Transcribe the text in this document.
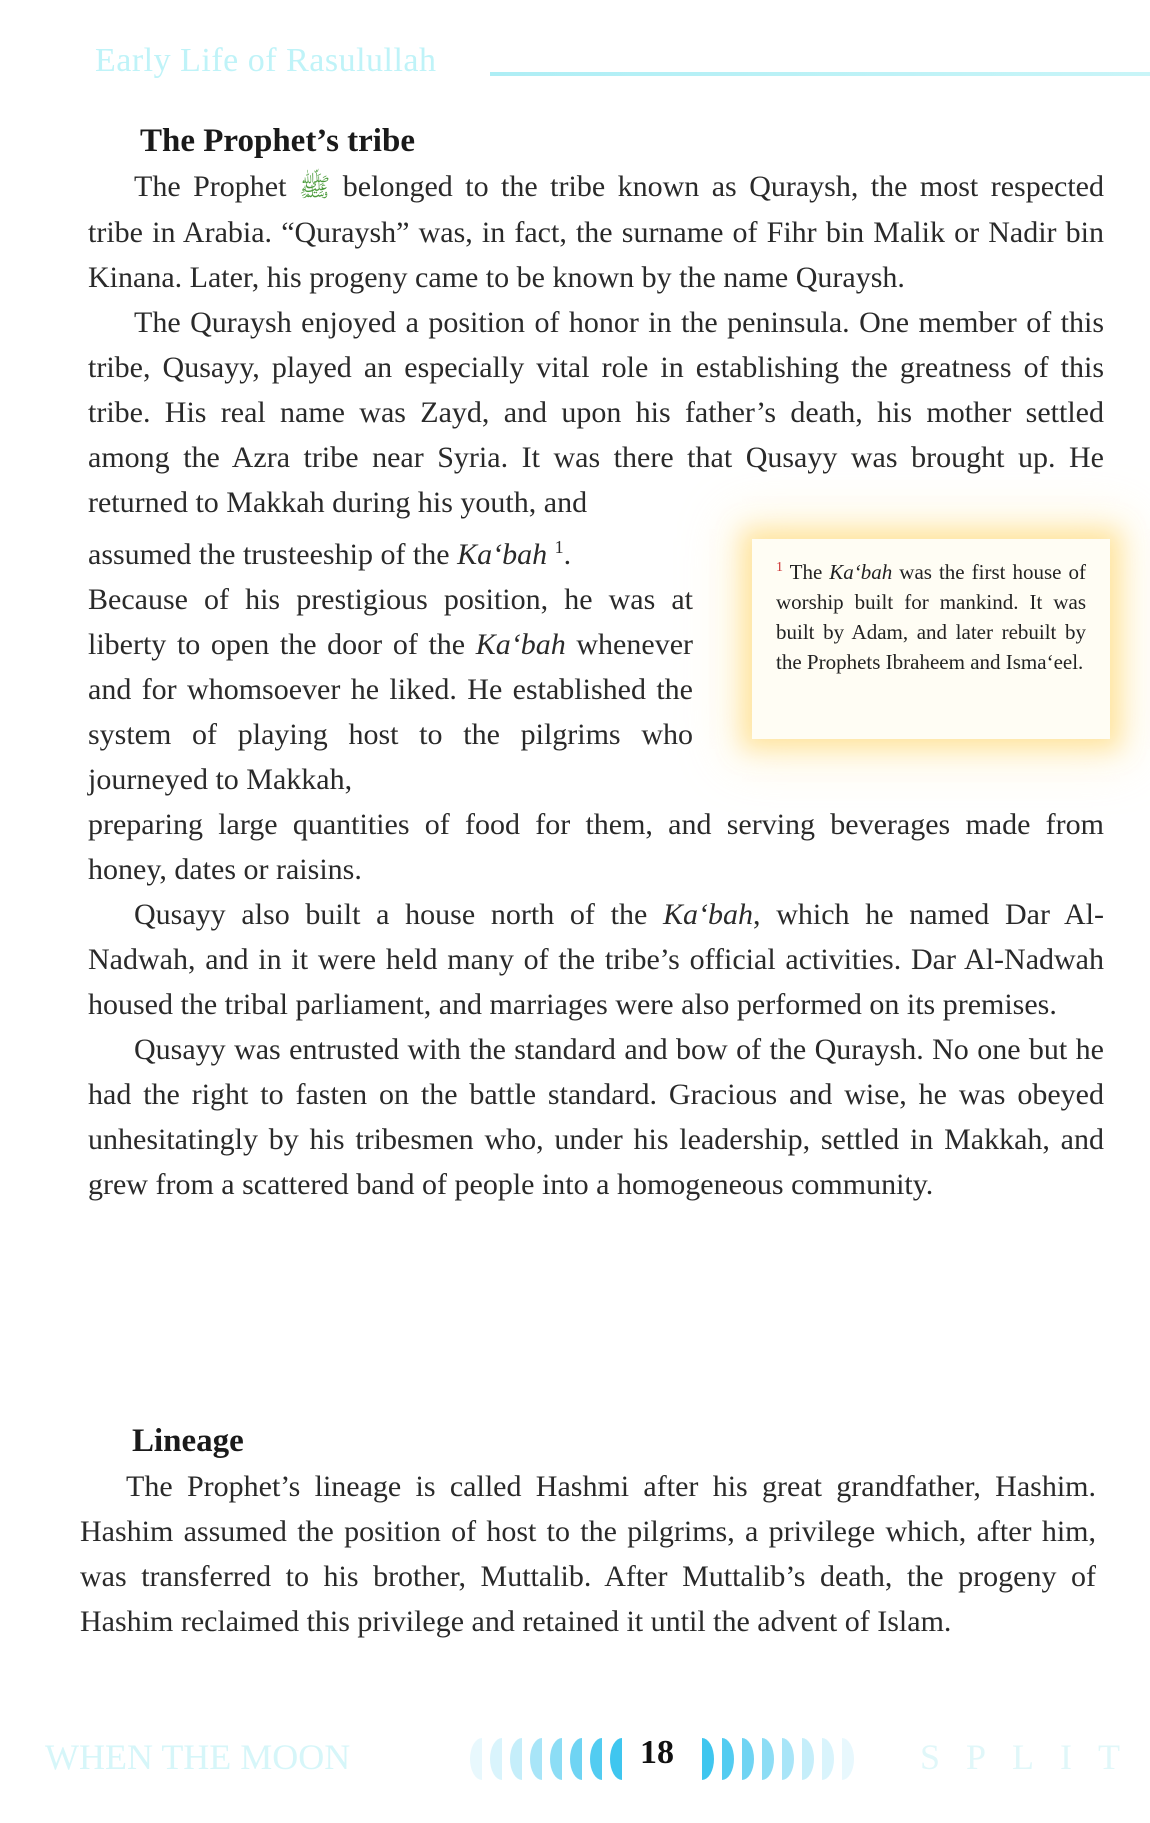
Early Life of Rasulullah
The Prophet’s tribe

The Prophet ﷺ belonged to the tribe known as Quraysh, the most respected tribe in Arabia. “Quraysh” was, in fact, the surname of Fihr bin Malik or Nadir bin Kinana. Later, his progeny came to be known by the name Quraysh.

The Quraysh enjoyed a position of honor in the peninsula. One member of this tribe, Qusayy, played an especially vital role in establishing the greatness of this tribe. His real name was Zayd, and upon his father’s death, his mother settled among the Azra tribe near Syria. It was there that Qusayy was brought up. He returned to Makkah during his youth, and

assumed the trusteeship of the Ka‘bah $^1$.
Because of his prestigious position, he was at liberty to open the door of the Ka‘bah whenever and for whomsoever he liked. He established the system of playing host to the pilgrims who journeyed to Makkah,

$^1$ The Ka‘bah was the first house of worship built for mankind. It was built by Adam, and later rebuilt by the Prophets Ibraheem and Isma‘eel.

preparing large quantities of food for them, and serving beverages made from honey, dates or raisins.

Qusayy also built a house north of the Ka‘bah, which he named Dar Al-Nadwah, and in it were held many of the tribe’s official activities. Dar Al-Nadwah housed the tribal parliament, and marriages were also performed on its premises.

Qusayy was entrusted with the standard and bow of the Quraysh. No one but he had the right to fasten on the battle standard. Gracious and wise, he was obeyed unhesitatingly by his tribesmen who, under his leadership, settled in Makkah, and grew from a scattered band of people into a homogeneous community.

Lineage

The Prophet’s lineage is called Hashmi after his great grandfather, Hashim. Hashim assumed the position of host to the pilgrims, a privilege which, after him, was transferred to his brother, Muttalib. After Muttalib’s death, the progeny of Hashim reclaimed this privilege and retained it until the advent of Islam.

WHEN THE MOON	18	SPLIT
